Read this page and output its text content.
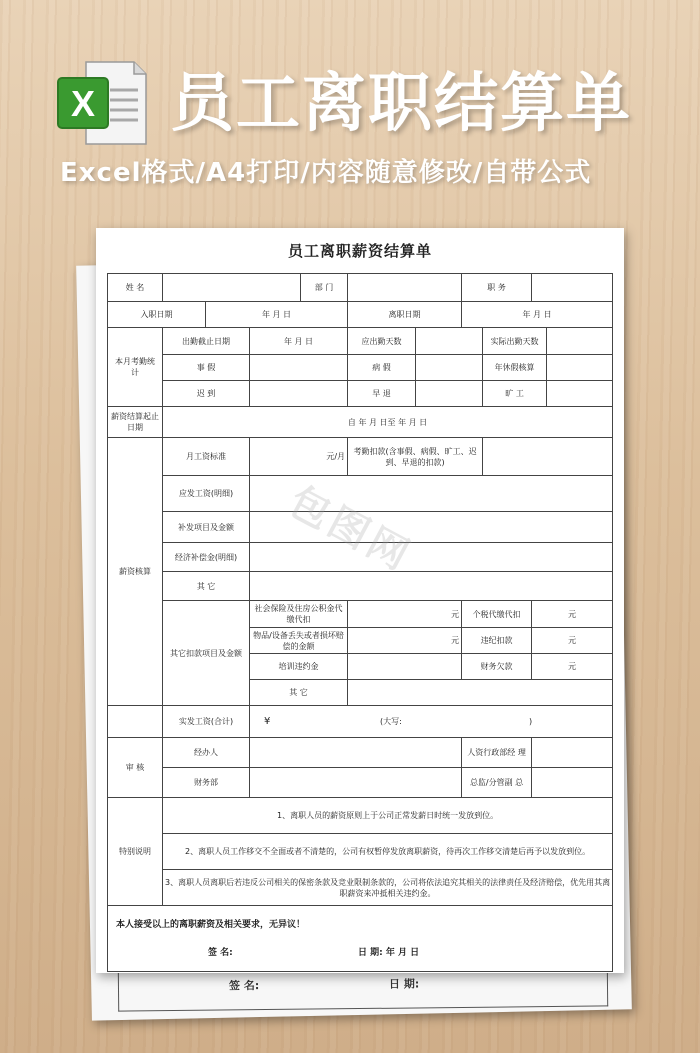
X 员工离职结算单
Excel格式/A4打印/内容随意修改/自带公式
签 名:	日 期:
员工离职薪资结算单
姓 名				部 门			职 务			
入职日期		年 月 日			离职日期		年 月 日			
本月考勤统 计	出勤截止日期		年 月 日		应出勤天数			实际出勤天数		
	事 假				病 假			年休假核算		
	迟 到				早 退			旷 工		
薪资结算起止日期	自 年 月 日至 年 月 日									
薪资核算	月工资标准		元/月		考勤扣款(含事假、病假、旷工、迟到、早退的扣款)					
	应发工资(明细)									
	补发项目及金额									
	经济补偿金(明细)									
	其 它									
	其它扣款项目及金额		社会保险及住房公积金代缴代扣		元		个税代缴代扣		元	
			物品/设备丢失或者损坏赔偿的金额		元		违纪扣款		元	
			培训违约金				财务欠款		元	
			其 它							
	实发工资(合计)		¥ (大写: )							

审 核	经办人						人资行政部经 理			
	财务部						总监/分管副 总			
特别说明	1、离职人员的薪资原则上于公司正常发薪日时统一发放到位。									
	2、离职人员工作移交不全面或者不清楚的，公司有权暂停发放离职薪资，待再次工作移交清楚后再予以发放到位。									
	3、离职人员离职后若违反公司相关的保密条款及竞业限制条款的，公司将依法追究其相关的法律责任及经济赔偿，优先用其离职薪资来冲抵相关违约金。									

本人接受以上的离职薪资及相关要求，无异议！
签 名: 日 期: 年 月 日										
包图网
